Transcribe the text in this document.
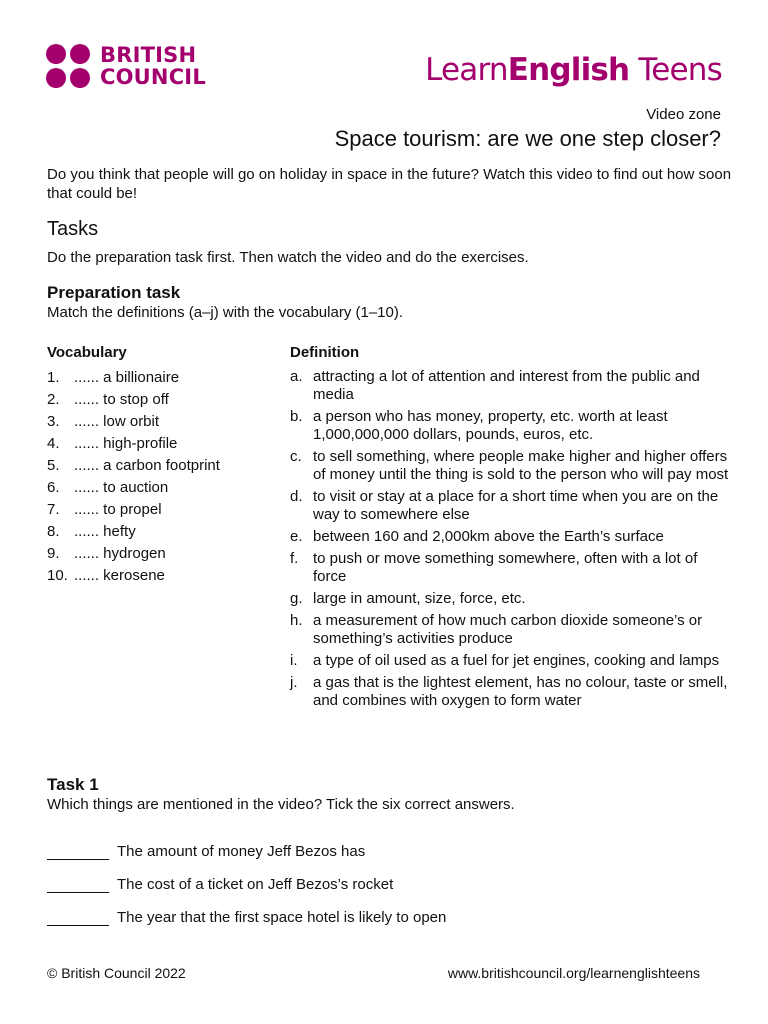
BRITISH
COUNCIL	LearnEnglish Teens
Video zone
Space tourism: are we one step closer?
Do you think that people will go on holiday in space in the future? Watch this video to find out how soon that could be!
Tasks
Do the preparation task first. Then watch the video and do the exercises.
Preparation task
Match the definitions (a–j) with the vocabulary (1–10).
Vocabulary	Definition
1. ...... a billionaire
2. ...... to stop off
3. ...... low orbit
4. ...... high-profile
5. ...... a carbon footprint
6. ...... to auction
7. ...... to propel
8. ...... hefty
9. ...... hydrogen
10. ...... kerosene
a. attracting a lot of attention and interest from the public and media
b. a person who has money, property, etc. worth at least 1,000,000,000 dollars, pounds, euros, etc.
c. to sell something, where people make higher and higher offers of money until the thing is sold to the person who will pay most
d. to visit or stay at a place for a short time when you are on the way to somewhere else
e. between 160 and 2,000km above the Earth’s surface
f. to push or move something somewhere, often with a lot of force
g. large in amount, size, force, etc.
h. a measurement of how much carbon dioxide someone’s or something’s activities produce
i.	a type of oil used as a fuel for jet engines, cooking and lamps
j.	a gas that is the lightest element, has no colour, taste or smell, and combines with oxygen to form water
Task 1
Which things are mentioned in the video? Tick the six correct answers.
The amount of money Jeff Bezos has
The cost of a ticket on Jeff Bezos’s rocket
The year that the first space hotel is likely to open
© British Council 2022	www.britishcouncil.org/learnenglishteens
